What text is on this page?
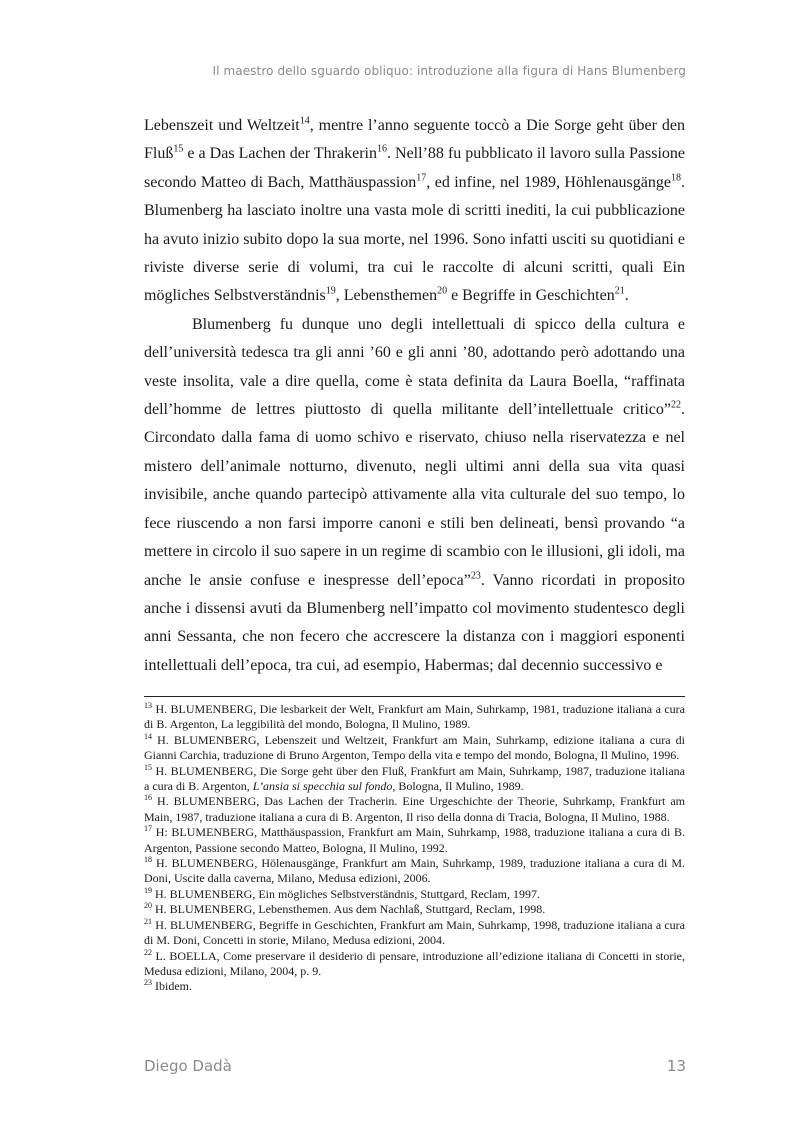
Il maestro dello sguardo obliquo: introduzione alla figura di Hans Blumenberg

Lebenszeit und Weltzeit$^{14}$, mentre l’anno seguente toccò a Die Sorge geht über den Fluß$^{15}$ e a Das Lachen der Thrakerin$^{16}$. Nell’88 fu pubblicato il lavoro sulla Passione secondo Matteo di Bach, Matthäuspassion$^{17}$, ed infine, nel 1989, Höhlenausgänge$^{18}$. Blumenberg ha lasciato inoltre una vasta mole di scritti inediti, la cui pubblicazione ha avuto inizio subito dopo la sua morte, nel 1996. Sono infatti usciti su quotidiani e riviste diverse serie di volumi, tra cui le raccolte di alcuni scritti, quali Ein mögliches Selbstverständnis$^{19}$, Lebensthemen$^{20}$ e Begriffe in Geschichten$^{21}$.

Blumenberg fu dunque uno degli intellettuali di spicco della cultura e dell’università tedesca tra gli anni ’60 e gli anni ’80, adottando però adottando una veste insolita, vale a dire quella, come è stata definita da Laura Boella, “raffinata dell’homme de lettres piuttosto di quella militante dell’intellettuale critico”$^{22}$. Circondato dalla fama di uomo schivo e riservato, chiuso nella riservatezza e nel mistero dell’animale notturno, divenuto, negli ultimi anni della sua vita quasi invisibile, anche quando partecipò attivamente alla vita culturale del suo tempo, lo fece riuscendo a non farsi imporre canoni e stili ben delineati, bensì provando “a mettere in circolo il suo sapere in un regime di scambio con le illusioni, gli idoli, ma anche le ansie confuse e inespresse dell’epoca”$^{23}$. Vanno ricordati in proposito anche i dissensi avuti da Blumenberg nell’impatto col movimento studentesco degli anni Sessanta, che non fecero che accrescere la distanza con i maggiori esponenti intellettuali dell’epoca, tra cui, ad esempio, Habermas; dal decennio successivo e

$^{13}$ H. BLUMENBERG, Die lesbarkeit der Welt, Frankfurt am Main, Suhrkamp, 1981, traduzione italiana a cura di B. Argenton, La leggibilità del mondo, Bologna, Il Mulino, 1989.

$^{14}$ H. BLUMENBERG, Lebenszeit und Weltzeit, Frankfurt am Main, Suhrkamp, edizione italiana a cura di Gianni Carchia, traduzione di Bruno Argenton, Tempo della vita e tempo del mondo, Bologna, Il Mulino, 1996.

$^{15}$ H. BLUMENBERG, Die Sorge geht über den Fluß, Frankfurt am Main, Suhrkamp, 1987, traduzione italiana a cura di B. Argenton, L’ansia si specchia sul fondo, Bologna, Il Mulino, 1989.

$^{16}$ H. BLUMENBERG, Das Lachen der Tracherin. Eine Urgeschichte der Theorie, Suhrkamp, Frankfurt am Main, 1987, traduzione italiana a cura di B. Argenton, Il riso della donna di Tracia, Bologna, Il Mulino, 1988.

$^{17}$ H: BLUMENBERG, Matthäuspassion, Frankfurt am Main, Suhrkamp, 1988, traduzione italiana a cura di B. Argenton, Passione secondo Matteo, Bologna, Il Mulino, 1992.

$^{18}$ H. BLUMENBERG, Hölenausgänge, Frankfurt am Main, Suhrkamp, 1989, traduzione italiana a cura di M. Doni, Uscite dalla caverna, Milano, Medusa edizioni, 2006.

$^{19}$ H. BLUMENBERG, Ein mögliches Selbstverständnis, Stuttgard, Reclam, 1997.

$^{20}$ H. BLUMENBERG, Lebensthemen. Aus dem Nachlaß, Stuttgard, Reclam, 1998.

$^{21}$ H. BLUMENBERG, Begriffe in Geschichten, Frankfurt am Main, Suhrkamp, 1998, traduzione italiana a cura di M. Doni, Concetti in storie, Milano, Medusa edizioni, 2004.

$^{22}$ L. BOELLA, Come preservare il desiderio di pensare, introduzione all’edizione italiana di Concetti in storie, Medusa edizioni, Milano, 2004, p. 9.

$^{23}$ Ibidem.

Diego Dadà	13
